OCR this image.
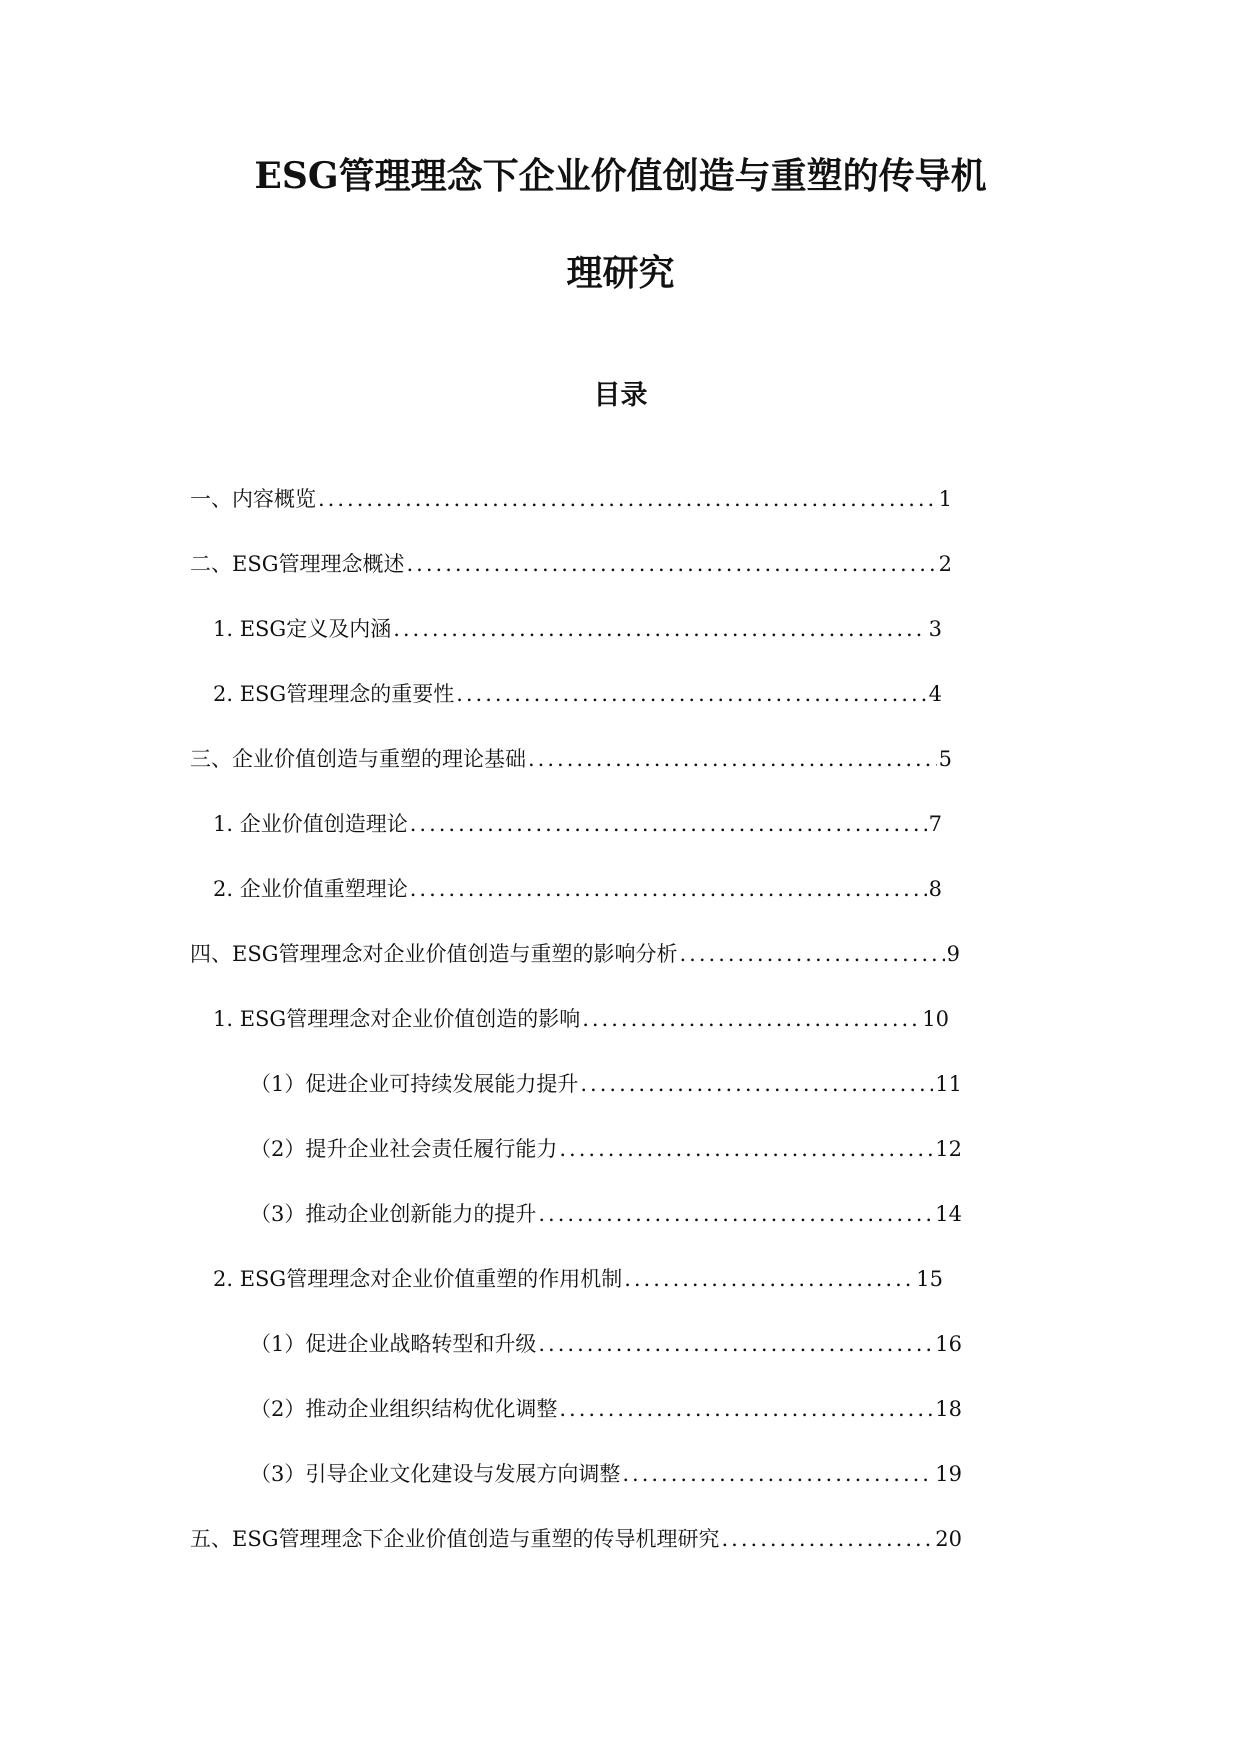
ESG管理理念下企业价值创造与重塑的传导机
理研究
目录
一、内容概览 .....	1
二、ESG管理理念概述 .....	2
1. ESG定义及内涵 .....	3
2. ESG管理理念的重要性 .....	4
三、企业价值创造与重塑的理论基础 .....	5
1. 企业价值创造理论 .....	7
2. 企业价值重塑理论 .....	8
四、ESG管理理念对企业价值创造与重塑的影响分析 .....	9
1. ESG管理理念对企业价值创造的影响 .....	10
（1）促进企业可持续发展能力提升 .....	11
（2）提升企业社会责任履行能力 .....	12
（3）推动企业创新能力的提升 .....	14
2. ESG管理理念对企业价值重塑的作用机制 .....	15
（1）促进企业战略转型和升级 .....	16
（2）推动企业组织结构优化调整 .....	18
（3）引导企业文化建设与发展方向调整 .....	19
五、ESG管理理念下企业价值创造与重塑的传导机理研究 .....	20
